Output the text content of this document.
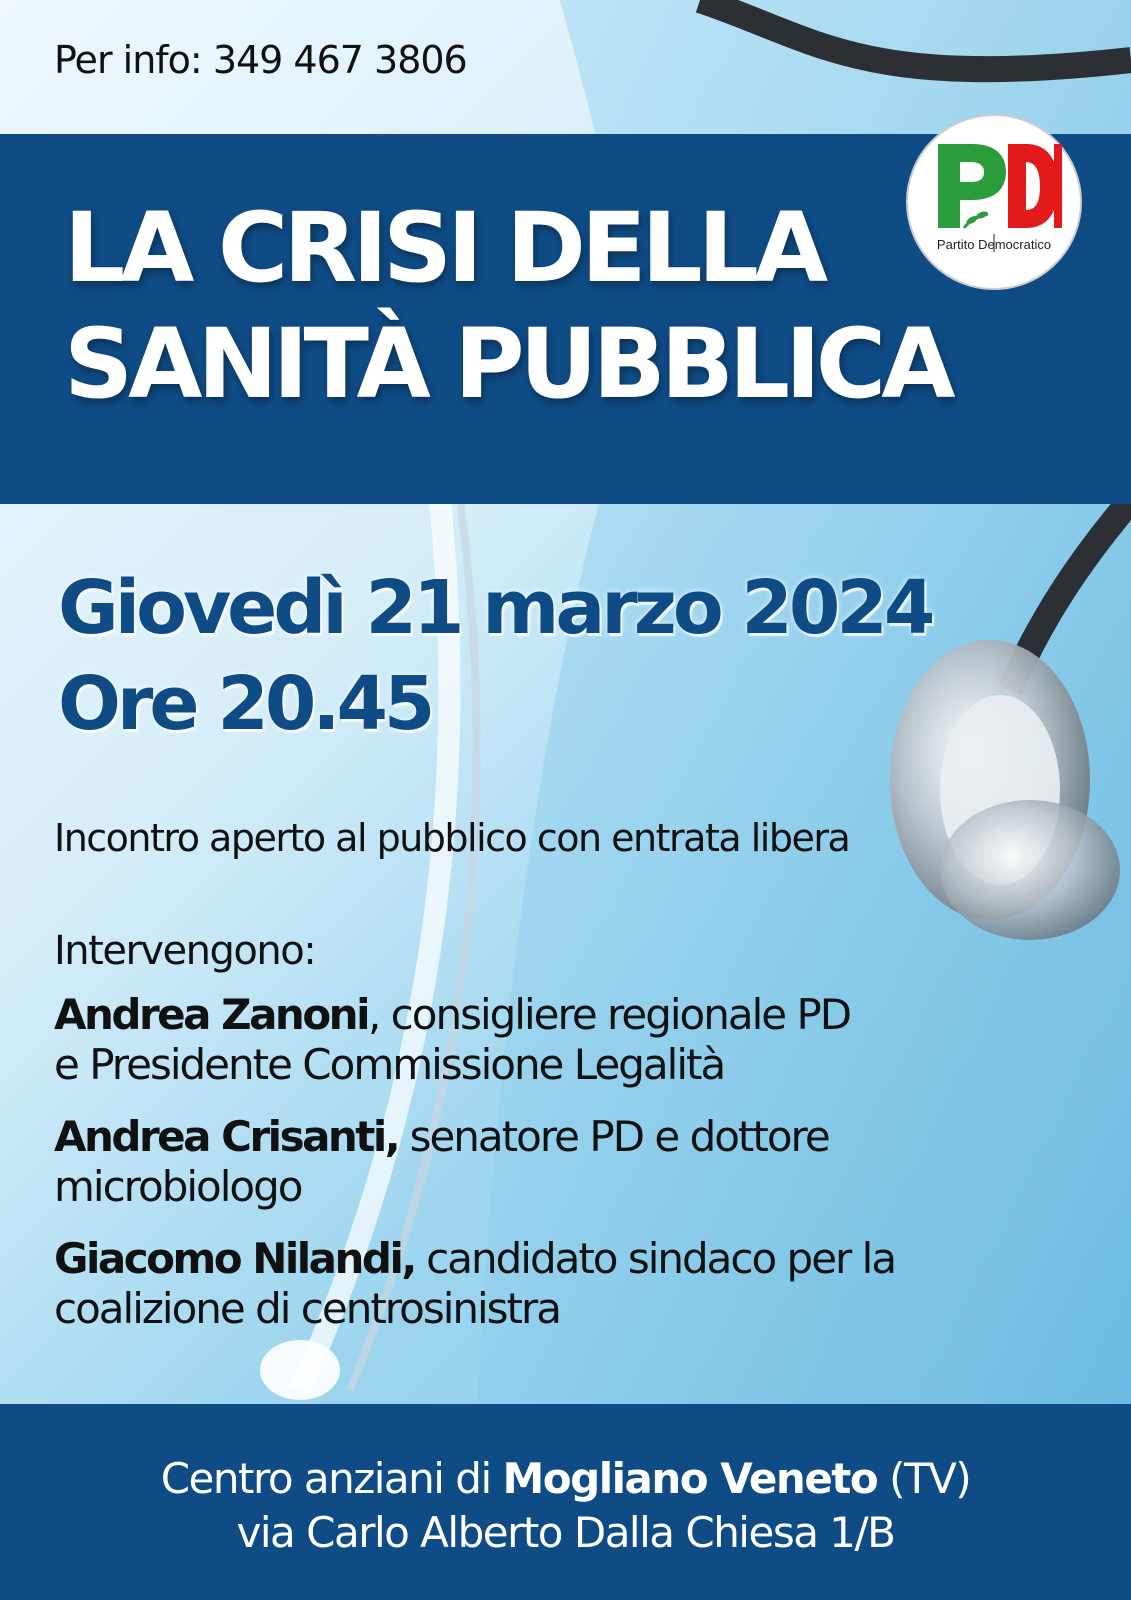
Per info: 349 467 3806
LA CRISI DELLA
SANITÀ PUBBLICA
Partito Democratico
Giovedì 21 marzo 2024
Ore 20.45
Incontro aperto al pubblico con entrata libera
Intervengono:
Andrea Zanoni, consigliere regionale PD
e Presidente Commissione Legalità
Andrea Crisanti, senatore PD e dottore
microbiologo
Giacomo Nilandi, candidato sindaco per la
coalizione di centrosinistra
Centro anziani di Mogliano Veneto (TV)
via Carlo Alberto Dalla Chiesa 1/B
